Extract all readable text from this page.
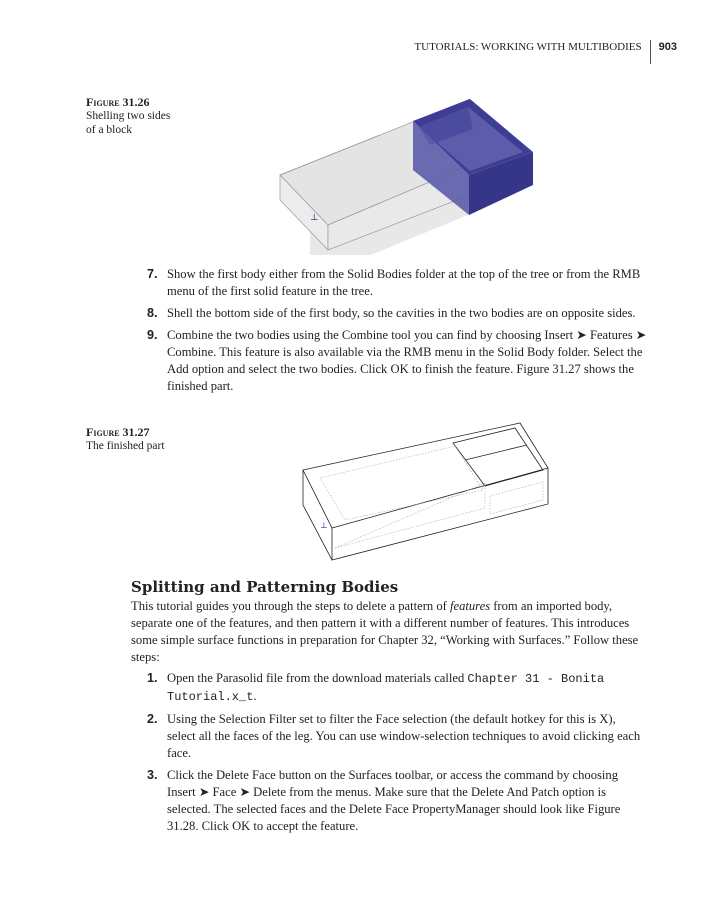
TUTORIALS: WORKING WITH MULTIBODIES	903
Figure 31.26
Shelling two sides
of a block
⊥
7. Show the first body either from the Solid Bodies folder at the top of the tree or from the RMB menu of the first solid feature in the tree.
8. Shell the bottom side of the first body, so the cavities in the two bodies are on opposite sides.
9. Combine the two bodies using the Combine tool you can find by choosing Insert ➤ Features ➤ Combine. This feature is also available via the RMB menu in the Solid Body folder. Select the Add option and select the two bodies. Click OK to finish the feature. Figure 31.27 shows the finished part.
Figure 31.27
The finished part
⊥
Splitting and Patterning Bodies
This tutorial guides you through the steps to delete a pattern of features from an imported body, separate one of the features, and then pattern it with a different number of features. This introduces some simple surface functions in preparation for Chapter 32, “Working with Surfaces.” Follow these steps:
1. Open the Parasolid file from the download materials called Chapter 31 - Bonita Tutorial.x_t.
2. Using the Selection Filter set to filter the Face selection (the default hotkey for this is X), select all the faces of the leg. You can use window-selection techniques to avoid clicking each face.
3. Click the Delete Face button on the Surfaces toolbar, or access the command by choosing Insert ➤ Face ➤ Delete from the menus. Make sure that the Delete And Patch option is selected. The selected faces and the Delete Face PropertyManager should look like Figure 31.28. Click OK to accept the feature.
